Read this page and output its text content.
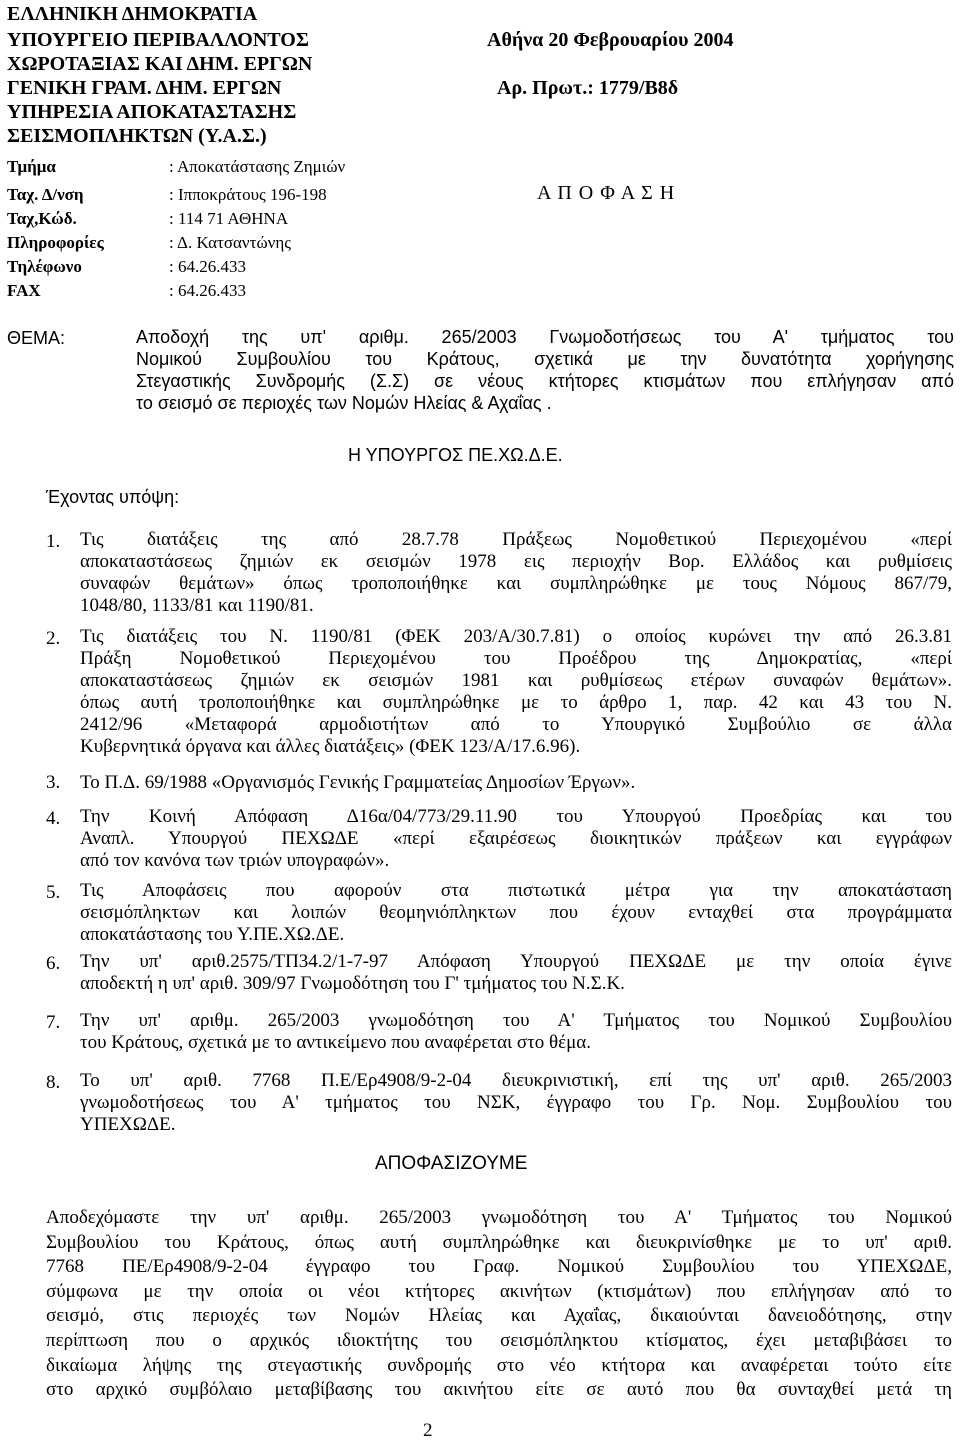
ΕΛΛΗΝΙΚΗ ΔΗΜΟΚΡΑΤΙΑ
ΥΠΟΥΡΓΕΙΟ ΠΕΡΙΒΑΛΛΟΝΤΟΣ
ΧΩΡΟΤΑΞΙΑΣ ΚΑΙ ΔΗΜ. ΕΡΓΩΝ
ΓΕΝΙΚΗ ΓΡΑΜ. ΔΗΜ. ΕΡΓΩΝ
ΥΠΗΡΕΣΙΑ ΑΠΟΚΑΤΑΣΤΑΣΗΣ
ΣΕΙΣΜΟΠΛΗΚΤΩΝ (Υ.Α.Σ.)
Τμήμα	: Αποκατάστασης Ζημιών
Ταχ. Δ/νση	: Ιπποκράτους 196-198
Ταχ,Κώδ.	: 114 71 ΑΘΗΝΑ
Πληροφορίες	: Δ. Κατσαντώνης
Τηλέφωνο	: 64.26.433
FAX	: 64.26.433
Αθήνα 20 Φεβρουαρίου 2004
Αρ. Πρωτ.: 1779/Β8δ
Α Π Ο Φ Α Σ Η
ΘΕΜΑ:	Αποδοχή της υπ' αριθμ. 265/2003 Γνωμοδοτήσεως του Α' τμήματος του
Νομικού Συμβουλίου του Κράτους, σχετικά με την δυνατότητα χορήγησης
Στεγαστικής Συνδρομής (Σ.Σ) σε νέους κτήτορες κτισμάτων που επλήγησαν από
το σεισμό σε περιοχές των Νομών Ηλείας & Αχαΐας .
Η ΥΠΟΥΡΓΟΣ ΠΕ.ΧΩ.Δ.Ε.
Έχοντας υπόψη:
1. Τις διατάξεις της από 28.7.78 Πράξεως Νομοθετικού Περιεχομένου «περί
αποκαταστάσεως ζημιών εκ σεισμών 1978 εις περιοχήν Βορ. Ελλάδος και ρυθμίσεις
συναφών θεμάτων» όπως τροποποιήθηκε και συμπληρώθηκε με τους Νόμους 867/79,
1048/80, 1133/81 και 1190/81.
2. Τις διατάξεις του Ν. 1190/81 (ΦΕΚ 203/Α/30.7.81) ο οποίος κυρώνει την από 26.3.81
Πράξη Νομοθετικού Περιεχομένου του Προέδρου της Δημοκρατίας, «περί
αποκαταστάσεως ζημιών εκ σεισμών 1981 και ρυθμίσεως ετέρων συναφών θεμάτων».
όπως αυτή τροποποιήθηκε και συμπληρώθηκε με το άρθρο 1, παρ. 42 και 43 του Ν.
2412/96 «Μεταφορά αρμοδιοτήτων από το Υπουργικό Συμβούλιο σε άλλα
Κυβερνητικά όργανα και άλλες διατάξεις» (ΦΕΚ 123/Α/17.6.96).
3. Το Π.Δ. 69/1988 «Οργανισμός Γενικής Γραμματείας Δημοσίων Έργων».
4. Την Κοινή Απόφαση Δ16α/04/773/29.11.90 του Υπουργού Προεδρίας και του
Αναπλ. Υπουργού ΠΕΧΩΔΕ «περί εξαιρέσεως διοικητικών πράξεων και εγγράφων
από τον κανόνα των τριών υπογραφών».
5. Τις Αποφάσεις που αφορούν στα πιστωτικά μέτρα για την αποκατάσταση
σεισμόπληκτων και λοιπών θεομηνιόπληκτων που έχουν ενταχθεί στα προγράμματα
αποκατάστασης του Υ.ΠΕ.ΧΩ.ΔΕ.
6. Την υπ' αριθ.2575/ΤΠ34.2/1-7-97 Απόφαση Υπουργού ΠΕΧΩΔΕ με την οποία έγινε
αποδεκτή η υπ' αριθ. 309/97 Γνωμοδότηση του Γ' τμήματος του Ν.Σ.Κ.
7. Την υπ' αριθμ. 265/2003 γνωμοδότηση του Α' Τμήματος του Νομικού Συμβουλίου
του Κράτους, σχετικά με το αντικείμενο που αναφέρεται στο θέμα.
8. Το υπ' αριθ. 7768 Π.Ε/Ερ4908/9-2-04 διευκρινιστική, επί της υπ' αριθ. 265/2003
γνωμοδοτήσεως του Α' τμήματος του ΝΣΚ, έγγραφο του Γρ. Νομ. Συμβουλίου του
ΥΠΕΧΩΔΕ.
ΑΠΟΦΑΣΙΖΟΥΜΕ
Αποδεχόμαστε την υπ' αριθμ. 265/2003 γνωμοδότηση του Α' Τμήματος του Νομικού
Συμβουλίου του Κράτους, όπως αυτή συμπληρώθηκε και διευκρινίσθηκε με το υπ' αριθ.
7768 ΠΕ/Ερ4908/9-2-04 έγγραφο του Γραφ. Νομικού Συμβουλίου του ΥΠΕΧΩΔΕ,
σύμφωνα με την οποία οι νέοι κτήτορες ακινήτων (κτισμάτων) που επλήγησαν από το
σεισμό, στις περιοχές των Νομών Ηλείας και Αχαΐας, δικαιούνται δανειοδότησης, στην
περίπτωση που ο αρχικός ιδιοκτήτης του σεισμόπληκτου κτίσματος, έχει μεταβιβάσει το
δικαίωμα λήψης της στεγαστικής συνδρομής στο νέο κτήτορα και αναφέρεται τούτο είτε
στο αρχικό συμβόλαιο μεταβίβασης του ακινήτου είτε σε αυτό που θα συνταχθεί μετά τη
2
